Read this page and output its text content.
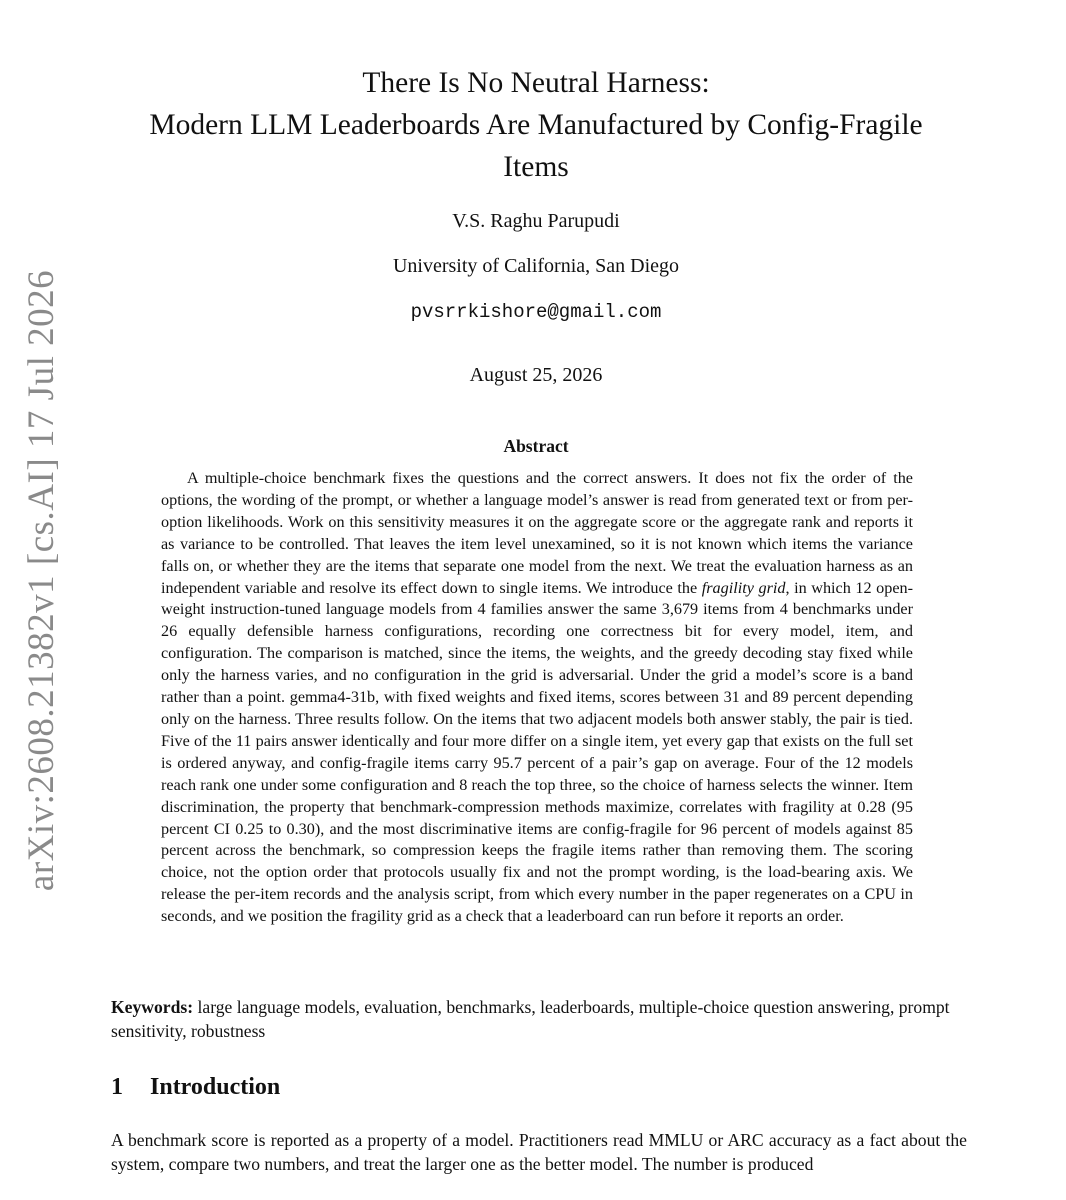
arXiv:2608.21382v1 [cs.AI] 17 Jul 2026
There Is No Neutral Harness:
Modern LLM Leaderboards Are Manufactured by Config-Fragile
Items
V.S. Raghu Parupudi
University of California, San Diego
pvsrrkishore@gmail.com
August 25, 2026
Abstract

A multiple-choice benchmark fixes the questions and the correct answers. It does not fix the order of the options, the wording of the prompt, or whether a language model’s answer is read from generated text or from per-option likelihoods. Work on this sensitivity measures it on the aggregate score or the aggregate rank and reports it as variance to be controlled. That leaves the item level unexamined, so it is not known which items the variance falls on, or whether they are the items that separate one model from the next. We treat the evaluation harness as an independent variable and resolve its effect down to single items. We introduce the fragility grid, in which 12 open-weight instruction-tuned language models from 4 families answer the same 3,679 items from 4 benchmarks under 26 equally defensible harness configurations, recording one correctness bit for every model, item, and configuration. The comparison is matched, since the items, the weights, and the greedy decoding stay fixed while only the harness varies, and no configuration in the grid is adversarial. Under the grid a model’s score is a band rather than a point. gemma4-31b, with fixed weights and fixed items, scores between 31 and 89 percent depending only on the harness. Three results follow. On the items that two adjacent models both answer stably, the pair is tied. Five of the 11 pairs answer identically and four more differ on a single item, yet every gap that exists on the full set is ordered anyway, and config-fragile items carry 95.7 percent of a pair’s gap on average. Four of the 12 models reach rank one under some configuration and 8 reach the top three, so the choice of harness selects the winner. Item discrimination, the property that benchmark-compression methods maximize, correlates with fragility at 0.28 (95 percent CI 0.25 to 0.30), and the most discriminative items are config-fragile for 96 percent of models against 85 percent across the benchmark, so compression keeps the fragile items rather than removing them. The scoring choice, not the option order that protocols usually fix and not the prompt wording, is the load-bearing axis. We release the per-item records and the analysis script, from which every number in the paper regenerates on a CPU in seconds, and we position the fragility grid as a check that a leaderboard can run before it reports an order.

Keywords: large language models, evaluation, benchmarks, leaderboards, multiple-choice question answering, prompt sensitivity, robustness

1 Introduction

A benchmark score is reported as a property of a model. Practitioners read MMLU or ARC accuracy as a fact about the system, compare two numbers, and treat the larger one as the better model. The number is produced
